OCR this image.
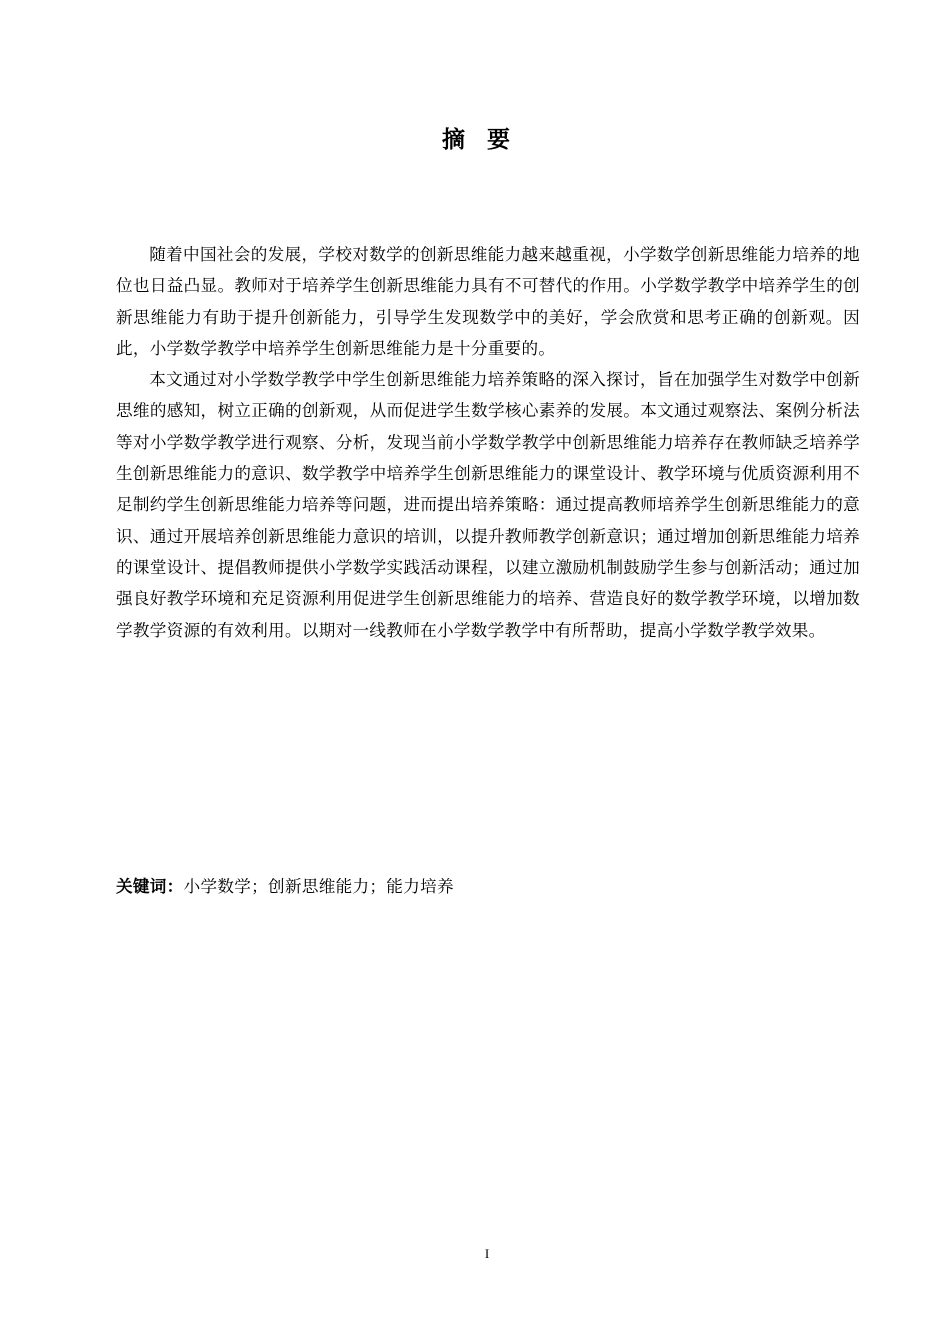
摘要

随着中国社会的发展，学校对数学的创新思维能力越来越重视，小学数学创新思维能力培养的地位也日益凸显。教师对于培养学生创新思维能力具有不可替代的作用。小学数学教学中培养学生的创新思维能力有助于提升创新能力，引导学生发现数学中的美好，学会欣赏和思考正确的创新观。因此，小学数学教学中培养学生创新思维能力是十分重要的。

本文通过对小学数学教学中学生创新思维能力培养策略的深入探讨，旨在加强学生对数学中创新思维的感知，树立正确的创新观，从而促进学生数学核心素养的发展。本文通过观察法、案例分析法等对小学数学教学进行观察、分析，发现当前小学数学教学中创新思维能力培养存在教师缺乏培养学生创新思维能力的意识、数学教学中培养学生创新思维能力的课堂设计、教学环境与优质资源利用不足制约学生创新思维能力培养等问题，进而提出培养策略：通过提高教师培养学生创新思维能力的意识、通过开展培养创新思维能力意识的培训，以提升教师教学创新意识；通过增加创新思维能力培养的课堂设计、提倡教师提供小学数学实践活动课程，以建立激励机制鼓励学生参与创新活动；通过加强良好教学环境和充足资源利用促进学生创新思维能力的培养、营造良好的数学教学环境，以增加数学教学资源的有效利用。以期对一线教师在小学数学教学中有所帮助，提高小学数学教学效果。

关键词：小学数学；创新思维能力；能力培养
I
